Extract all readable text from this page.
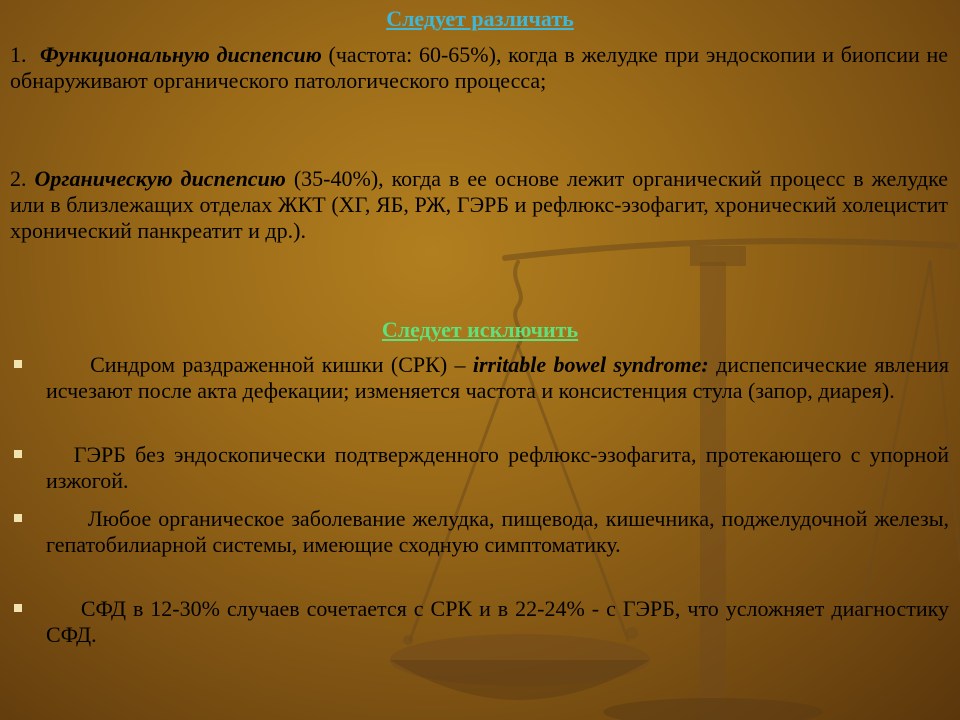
Следует различать

1. Функциональную диспепсию (частота: 60-65%), когда в желудке при эндоскопии и биопсии не обнаруживают органического патологического процесса;

2. Органическую диспепсию (35-40%), когда в ее основе лежит органический процесс в желудке или в близлежащих отделах ЖКТ (ХГ, ЯБ, РЖ, ГЭРБ и рефлюкс-эзофагит, хронический холецистит хронический панкреатит и др.).

Следует исключить

Синдром раздраженной кишки (СРК) – irritable bowel syndrome: диспепсические явления исчезают после акта дефекации; изменяется частота и консистенция стула (запор, диарея).

ГЭРБ без эндоскопически подтвержденного рефлюкс-эзофагита, протекающего с упорной изжогой.

Любое органическое заболевание желудка, пищевода, кишечника, поджелудочной железы, гепатобилиарной системы, имеющие сходную симптоматику.

СФД в 12-30% случаев сочетается с СРК и в 22-24% - с ГЭРБ, что усложняет диагностику СФД.
